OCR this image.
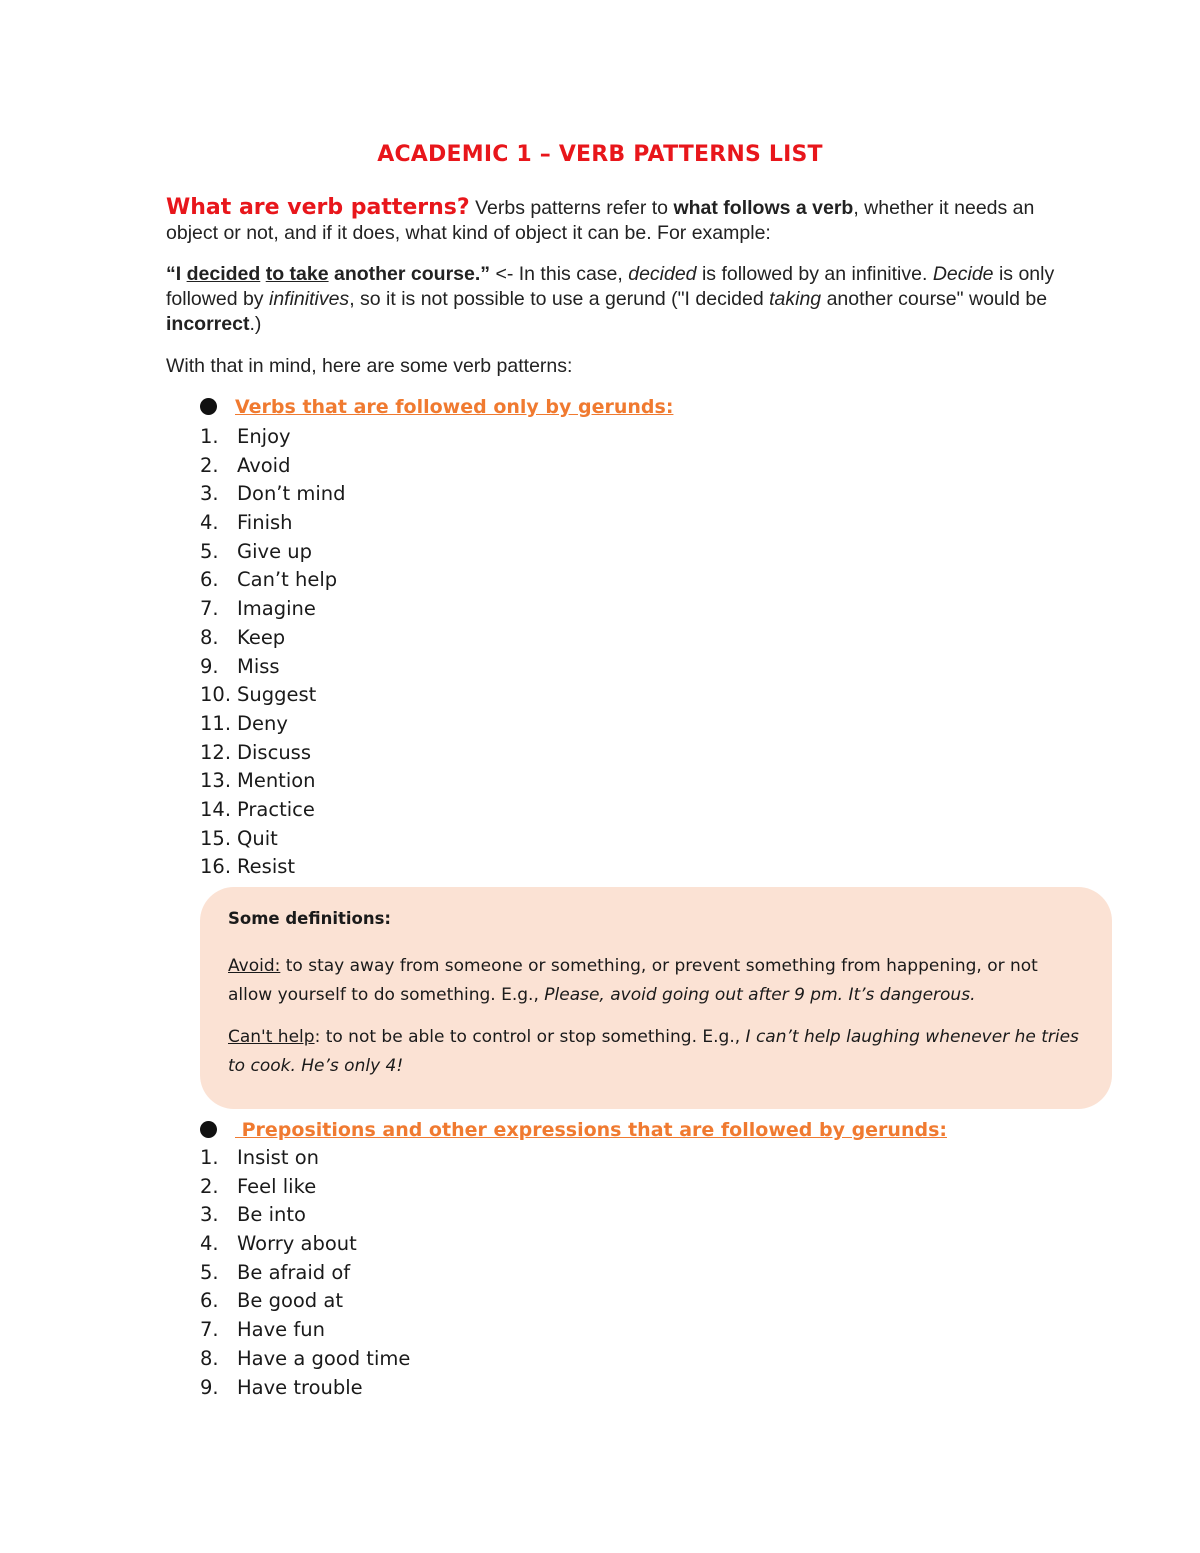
ACADEMIC 1 – VERB PATTERNS LIST
What are verb patterns? Verbs patterns refer to what follows a verb, whether it needs an object or not, and if it does, what kind of object it can be. For example:
“I decided to take another course.” <- In this case, decided is followed by an infinitive. Decide is only followed by infinitives, so it is not possible to use a gerund ("I decided taking another course" would be incorrect.)
With that in mind, here are some verb patterns:
Verbs that are followed only by gerunds:
1. Enjoy
2. Avoid
3. Don’t mind
4. Finish
5. Give up
6. Can’t help
7. Imagine
8. Keep
9. Miss
10. Suggest
11. Deny
12. Discuss
13. Mention
14. Practice
15. Quit
16. Resist
Some definitions:
Avoid: to stay away from someone or something, or prevent something from happening, or not allow yourself to do something. E.g., Please, avoid going out after 9 pm. It’s dangerous.
Can't help: to not be able to control or stop something. E.g., I can’t help laughing whenever he tries to cook. He’s only 4!
Prepositions and other expressions that are followed by gerunds:
1. Insist on
2. Feel like
3. Be into
4. Worry about
5. Be afraid of
6. Be good at
7. Have fun
8. Have a good time
9. Have trouble
